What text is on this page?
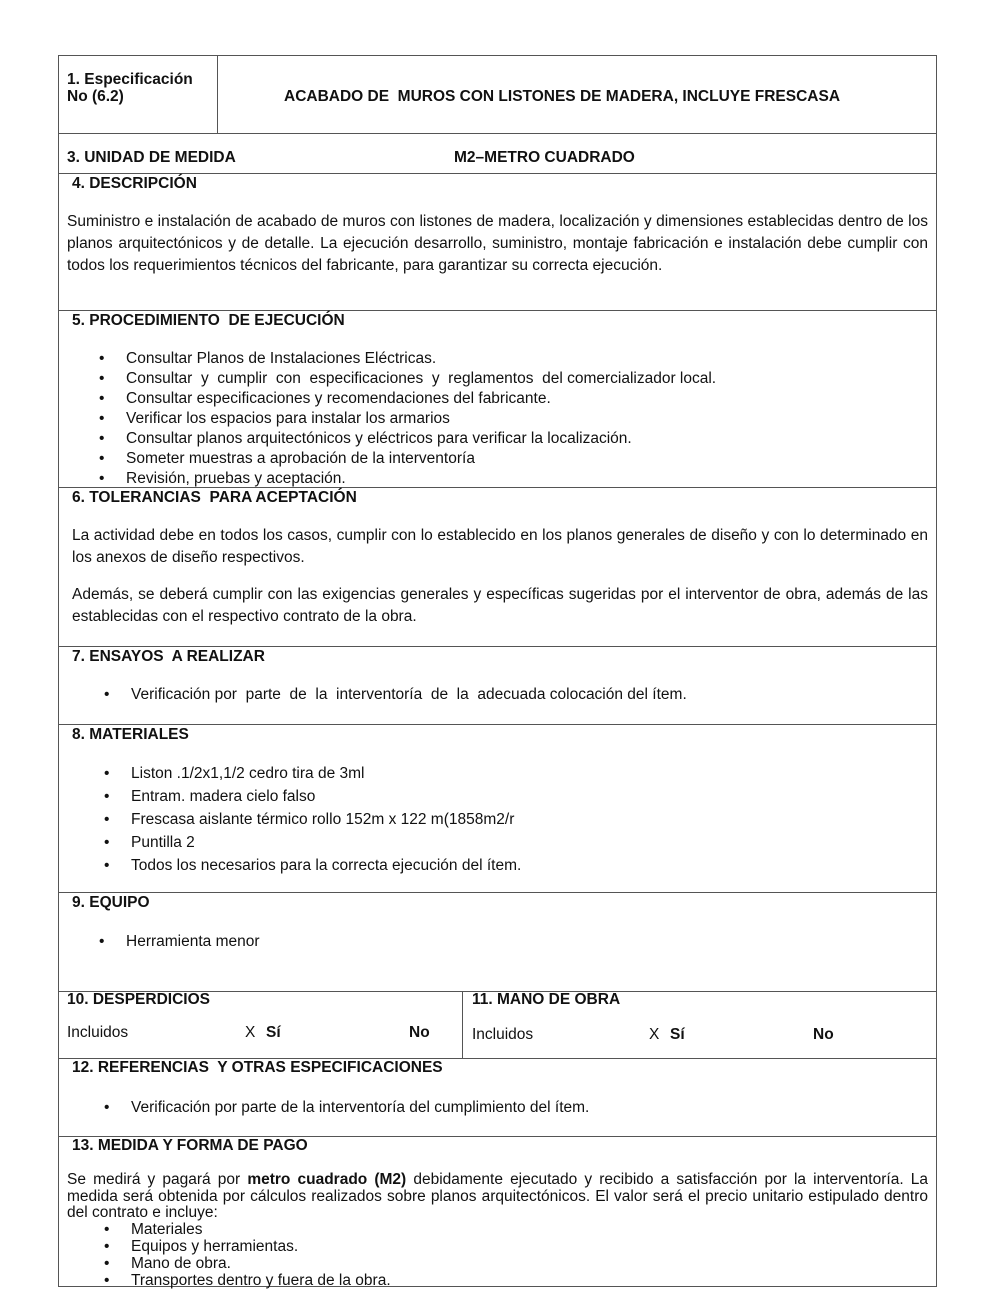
1. Especificación
No (6.2)	ACABADO DE  MUROS CON LISTONES DE MADERA, INCLUYE FRESCASA
3. UNIDAD DE MEDIDA	M2–METRO CUADRADO
4. DESCRIPCIÓN
Suministro e instalación de acabado de muros con listones de madera, localización y dimensiones establecidas dentro de los planos arquitectónicos y de detalle. La ejecución desarrollo, suministro, montaje fabricación e instalación debe cumplir con todos los requerimientos técnicos del fabricante, para garantizar su correcta ejecución.
5. PROCEDIMIENTO  DE EJECUCIÓN
• Consultar Planos de Instalaciones Eléctricas.
• Consultar  y  cumplir  con  especificaciones  y  reglamentos  del comercializador local.
• Consultar especificaciones y recomendaciones del fabricante.
• Verificar los espacios para instalar los armarios
• Consultar planos arquitectónicos y eléctricos para verificar la localización.
• Someter muestras a aprobación de la interventoría
• Revisión, pruebas y aceptación.
6. TOLERANCIAS  PARA ACEPTACIÓN
La actividad debe en todos los casos, cumplir con lo establecido en los planos generales de diseño y con lo determinado en los anexos de diseño respectivos.
Además, se deberá cumplir con las exigencias generales y específicas sugeridas por el interventor de obra, además de las establecidas con el respectivo contrato de la obra.
7. ENSAYOS  A REALIZAR
• Verificación por  parte  de  la  interventoría  de  la  adecuada colocación del ítem.
8. MATERIALES
• Liston .1/2x1,1/2 cedro tira de 3ml
• Entram. madera cielo falso
• Frescasa aislante térmico rollo 152m x 122 m(1858m2/r
• Puntilla 2
• Todos los necesarios para la correcta ejecución del ítem.
9. EQUIPO
• Herramienta menor
10. DESPERDICIOS
Incluidos	X Sí	No
11. MANO DE OBRA
Incluidos	X Sí	No
12. REFERENCIAS  Y OTRAS ESPECIFICACIONES
• Verificación por parte de la interventoría del cumplimiento del ítem.
13. MEDIDA Y FORMA DE PAGO
Se medirá y pagará por metro cuadrado (M2) debidamente ejecutado y recibido a satisfacción por la interventoría. La medida será obtenida por cálculos realizados sobre planos arquitectónicos. El valor será el precio unitario estipulado dentro del contrato e incluye:
• Materiales
• Equipos y herramientas.
• Mano de obra.
• Transportes dentro y fuera de la obra.
